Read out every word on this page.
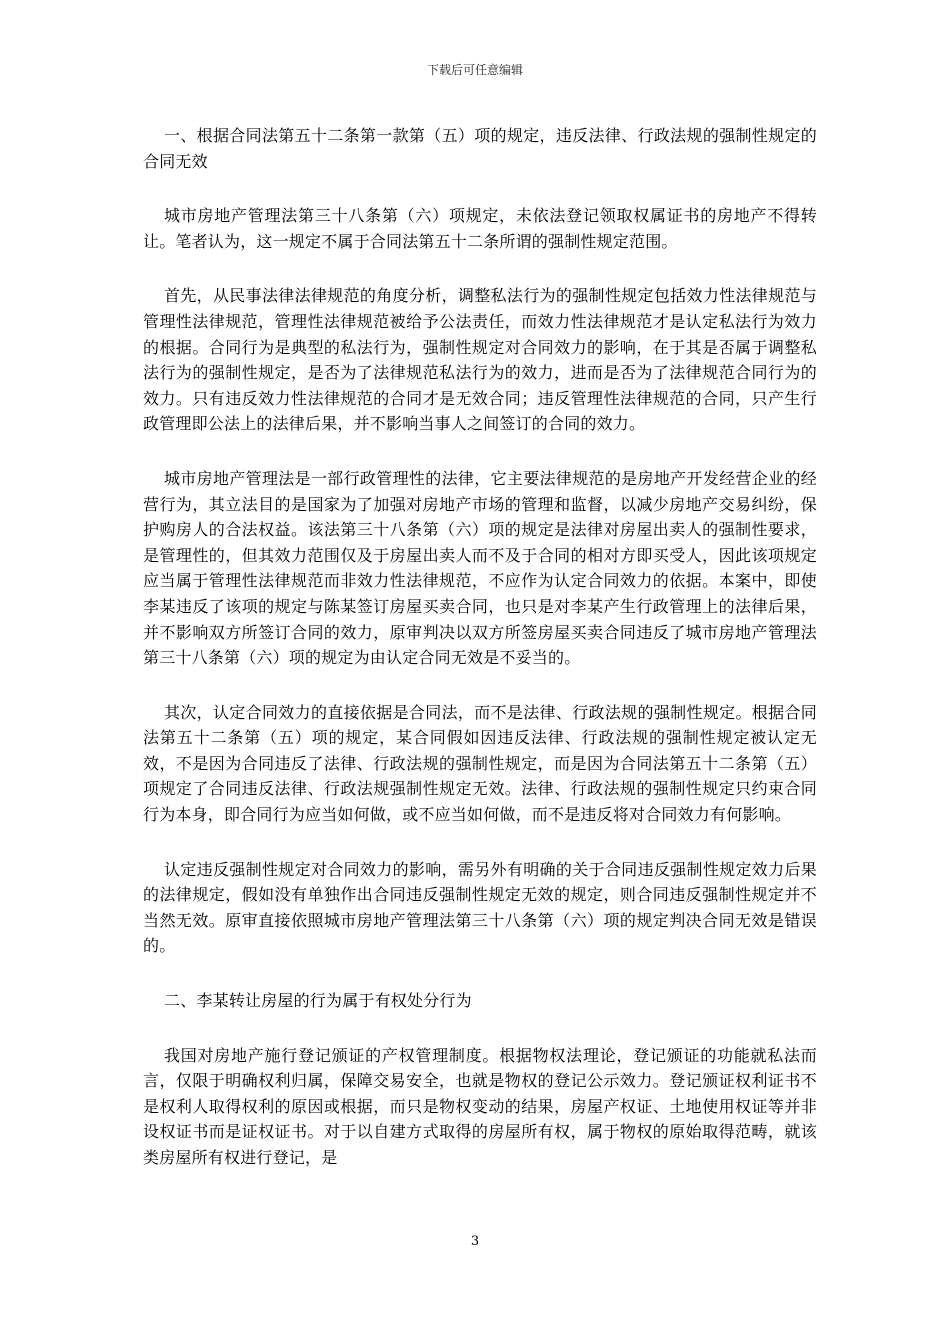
下载后可任意编辑

一、根据合同法第五十二条第一款第（五）项的规定，违反法律、行政法规的强制性规定的合同无效

城市房地产管理法第三十八条第（六）项规定，未依法登记领取权属证书的房地产不得转让。笔者认为，这一规定不属于合同法第五十二条所谓的强制性规定范围。

首先，从民事法律法律规范的角度分析，调整私法行为的强制性规定包括效力性法律规范与管理性法律规范，管理性法律规范被给予公法责任，而效力性法律规范才是认定私法行为效力的根据。合同行为是典型的私法行为，强制性规定对合同效力的影响，在于其是否属于调整私法行为的强制性规定，是否为了法律规范私法行为的效力，进而是否为了法律规范合同行为的效力。只有违反效力性法律规范的合同才是无效合同；违反管理性法律规范的合同，只产生行政管理即公法上的法律后果，并不影响当事人之间签订的合同的效力。

城市房地产管理法是一部行政管理性的法律，它主要法律规范的是房地产开发经营企业的经营行为，其立法目的是国家为了加强对房地产市场的管理和监督，以减少房地产交易纠纷，保护购房人的合法权益。该法第三十八条第（六）项的规定是法律对房屋出卖人的强制性要求，是管理性的，但其效力范围仅及于房屋出卖人而不及于合同的相对方即买受人，因此该项规定应当属于管理性法律规范而非效力性法律规范，不应作为认定合同效力的依据。本案中，即使李某违反了该项的规定与陈某签订房屋买卖合同，也只是对李某产生行政管理上的法律后果，并不影响双方所签订合同的效力，原审判决以双方所签房屋买卖合同违反了城市房地产管理法第三十八条第（六）项的规定为由认定合同无效是不妥当的。

其次，认定合同效力的直接依据是合同法，而不是法律、行政法规的强制性规定。根据合同法第五十二条第（五）项的规定，某合同假如因违反法律、行政法规的强制性规定被认定无效，不是因为合同违反了法律、行政法规的强制性规定，而是因为合同法第五十二条第（五）项规定了合同违反法律、行政法规强制性规定无效。法律、行政法规的强制性规定只约束合同行为本身，即合同行为应当如何做，或不应当如何做，而不是违反将对合同效力有何影响。

认定违反强制性规定对合同效力的影响，需另外有明确的关于合同违反强制性规定效力后果的法律规定，假如没有单独作出合同违反强制性规定无效的规定，则合同违反强制性规定并不当然无效。原审直接依照城市房地产管理法第三十八条第（六）项的规定判决合同无效是错误的。

二、李某转让房屋的行为属于有权处分行为

我国对房地产施行登记颁证的产权管理制度。根据物权法理论，登记颁证的功能就私法而言，仅限于明确权利归属，保障交易安全，也就是物权的登记公示效力。登记颁证权利证书不是权利人取得权利的原因或根据，而只是物权变动的结果，房屋产权证、土地使用权证等并非设权证书而是证权证书。对于以自建方式取得的房屋所有权，属于物权的原始取得范畴，就该类房屋所有权进行登记，是

3
